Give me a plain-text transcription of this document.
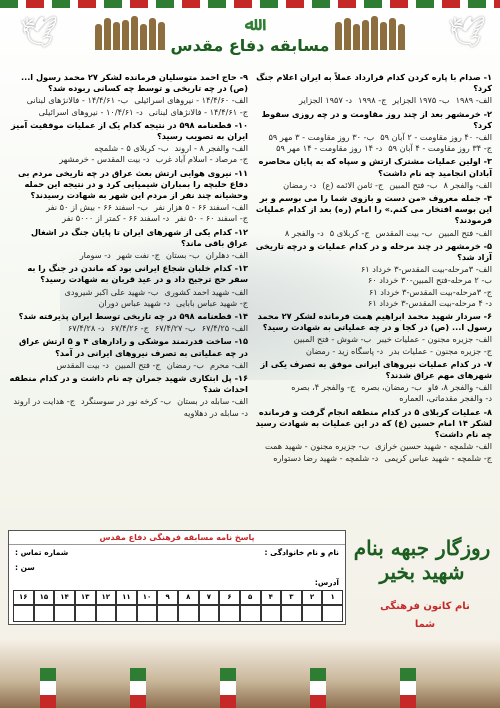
🕊
🕊	ﷲ
مسابقه دفاع مقدس
۱- صدام با پاره کردن کدام قرارداد عملاً به ایران اعلام جنگ کرد؟
الف- ۱۹۸۹
ب- ۱۹۷۵ الجزایر
ج- ۱۹۹۸
د- ۱۹۵۷ الجزایر
۲- خرمشهر بعد از چند روز مقاومت و در چه روزی سقوط کرد؟
الف- ۴۰ روز مقاومت - ۲ آبان ۵۹
ب- ۳۰ روز مقاومت - ۳ مهر ۵۹
ج- ۳۴ روز مقاومت - ۴ آبان ۵۹
د- ۱۴ روز مقاومت - ۱۴ مهر ۵۹
۳- اولین عملیات مشترک ارتش و سپاه که به پایان محاصره آبادان انجامید چه نام داشت؟
الف- والفجر ۸
ب- فتح المبین
ج- ثامن الائمه (ع)
د- رمضان
۴- جمله معروف «من دست و بازوی شما را می بوسم و بر این بوسه افتخار می کنم.» را امام (ره) بعد از کدام عملیات فرمودند؟
الف- فتح المبین
ب- بیت المقدس
ج- کربلای ۵
د- والفجر ۸
۵- خرمشهر در چند مرحله و در کدام عملیات و درچه تاریخی آزاد شد؟
الف- ۳مرحله-بیت المقدس-۳ خرداد ۶۱
ب- ۲ مرحله-فتح المبین-۳۰ خرداد ۶۰
ج- ۳مرحله-بیت المقدس-۳ خرداد ۶۱
د- ۴ مرحله-بیت المقدس-۳ خرداد ۶۱
۶- سردار شهید محمد ابراهیم همت فرمانده لشکر ۲۷ محمد رسول ا... (ص) در کجا و در چه عملیاتی به شهادت رسید؟
الف- جزیره مجنون - عملیات خیبر
ب- شوش - فتح المبین
ج- جزیره مجنون - عملیات بدر
د- پاسگاه زید - رمضان
۷- در کدام عملیات نیروهای ایرانی موفق به تصرف یکی از شهرهای مهم عراق شدند؟
الف- والفجر ۸، فاو
ب- رمضان، بصره
ج- والفجر ۴، بصره
د- والفجر مقدماتی، العماره
۸- عملیات کربلای ۵ در کدام منطقه انجام گرفت و فرمانده لشکر ۱۴ امام حسین (ع) که در این عملیات به شهادت رسید چه نام داشت؟
الف- شلمچه - شهید حسین خرازی
ب- جزیره مجنون - شهید همت
ج- شلمچه - شهید عباس کریمی
د- شلمچه - شهید رضا دستواره
۹- حاج احمد متوسلیان فرمانده لشکر ۲۷ محمد رسول ا... (ص) در چه تاریخی و توسط چه کسانی ربوده شد؟
الف- ۱۴/۴/۶۰ - نیروهای اسرائیلی
ب- ۱۴/۴/۶۱ - فالانژهای لبنانی
ج- ۱۴/۴/۶۱ - فالانژهای لبنانی
د- ۱۰/۴/۶۱ - نیروهای اسرائیلی
۱۰- قطعنامه ۵۹۸ در نتیجه کدام یک از عملیات موفقیت آمیز ایران به تصویب رسید؟
الف- والفجر ۸ - اروند
ب- کربلای ۵ - شلمچه
ج- مرصاد - اسلام آباد غرب
د- بیت المقدس - خرمشهر
۱۱- نیروی هوایی ارتش بعث عراق در چه تاریخی مردم بی دفاع حلبچه را بمباران شیمیایی کرد و در نتیجه این حمله وحشیانه چند نفر از مردم این شهر به شهادت رسیدند؟
الف- اسفند ۶۶ - ۵ هزار نفر
ب- اسفند ۶۶ - بیش از ۵۰ نفر
ج- اسفند ۶۰ - ۵۰ نفر
د- اسفند ۶۶ - کمتر از ۵۰۰۰ نفر
۱۲- کدام یکی از شهرهای ایران تا پایان جنگ در اشغال عراق باقی ماند؟
الف- دهلران
ب- بستان
ج- نفت شهر
د- سومار
۱۳- کدام خلبان شجاع ایرانی بود که ماندن در جنگ را به سفر حج ترجیح داد و در عید قربان به شهادت رسید؟
الف- شهید احمد کشوری
ب- شهید علی اکبر شیرودی
ج- شهید عباس بابایی
د- شهید عباس دوران
۱۴- قطعنامه ۵۹۸ در چه تاریخی توسط ایران پذیرفته شد؟
الف- ۶۷/۴/۲۵
ب- ۶۷/۴/۲۷
ج- ۶۷/۴/۲۶
د- ۶۷/۴/۲۸
۱۵- ساخت قدرتمند موشکی و رادارهای ۴ و ۵ ارتش عراق در چه عملیاتی به تصرف نیروهای ایرانی در آمد؟
الف- محرم
ب- رمضان
ج- فتح المبین
د- بیت المقدس
۱۶- پل ابتکاری شهید جمران چه نام داشت و در کدام منطقه احداث شد؟
الف- سابله در بستان
ب- کرخه نور در سوسنگرد
ج- هدایت در اروند
د- سابله در دهلاویه
پاسخ نامه مسابقه فرهنگی دفاع مقدس
نام و نام خانوادگی :
شماره تماس :
سن :
آدرس:
۱
۲
۳
۴
۵
۶
۷
۸
۹
۱۰
۱۱
۱۲
۱۳
۱۴
۱۵
۱۶
روزگار جبهه بنام شهید بخیر
نام کانون فرهنگی شما
